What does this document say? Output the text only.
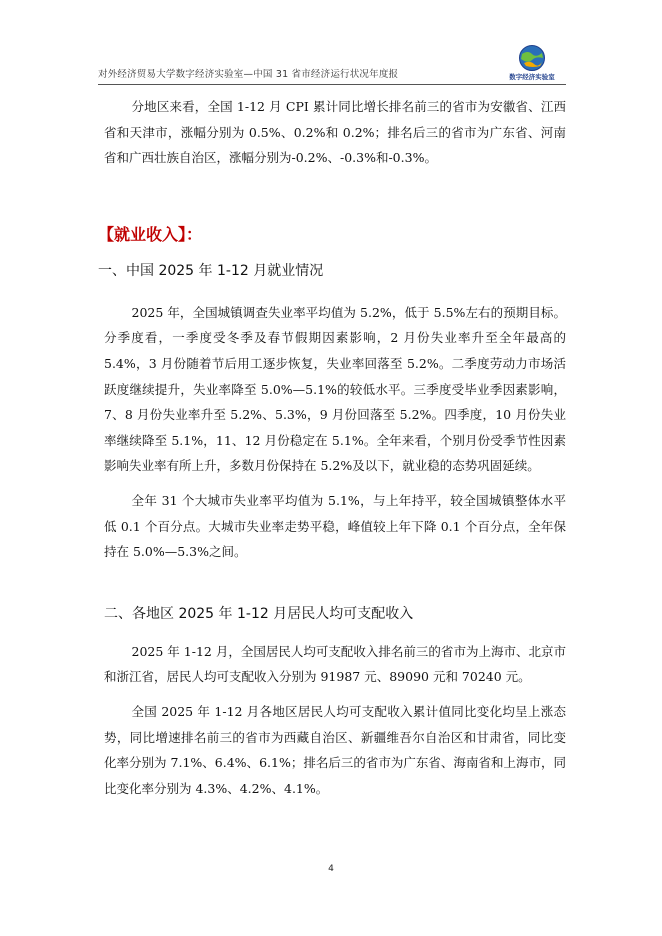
对外经济贸易大学数字经济实验室—中国 31 省市经济运行状况年度报	数字经济实验室

分地区来看，全国 1-12 月 CPI 累计同比增长排名前三的省市为安徽省、江西省和天津市，涨幅分别为 0.5%、0.2%和 0.2%；排名后三的省市为广东省、河南省和广西壮族自治区，涨幅分别为-0.2%、-0.3%和-0.3%。

【就业收入】：
一、中国 2025 年 1-12 月就业情况

2025 年，全国城镇调查失业率平均值为 5.2%，低于 5.5%左右的预期目标。分季度看，一季度受冬季及春节假期因素影响，2 月份失业率升至全年最高的 5.4%，3 月份随着节后用工逐步恢复，失业率回落至 5.2%。二季度劳动力市场活跃度继续提升，失业率降至 5.0%—5.1%的较低水平。三季度受毕业季因素影响，7、8 月份失业率升至 5.2%、5.3%，9 月份回落至 5.2%。四季度，10 月份失业率继续降至 5.1%，11、12 月份稳定在 5.1%。全年来看，个别月份受季节性因素影响失业率有所上升，多数月份保持在 5.2%及以下，就业稳的态势巩固延续。

全年 31 个大城市失业率平均值为 5.1%，与上年持平，较全国城镇整体水平低 0.1 个百分点。大城市失业率走势平稳，峰值较上年下降 0.1 个百分点，全年保持在 5.0%—5.3%之间。

二、各地区 2025 年 1-12 月居民人均可支配收入

2025 年 1-12 月，全国居民人均可支配收入排名前三的省市为上海市、北京市和浙江省，居民人均可支配收入分别为 91987 元、89090 元和 70240 元。

全国 2025 年 1-12 月各地区居民人均可支配收入累计值同比变化均呈上涨态势，同比增速排名前三的省市为西藏自治区、新疆维吾尔自治区和甘肃省，同比变化率分别为 7.1%、6.4%、6.1%；排名后三的省市为广东省、海南省和上海市，同比变化率分别为 4.3%、4.2%、4.1%。

4
